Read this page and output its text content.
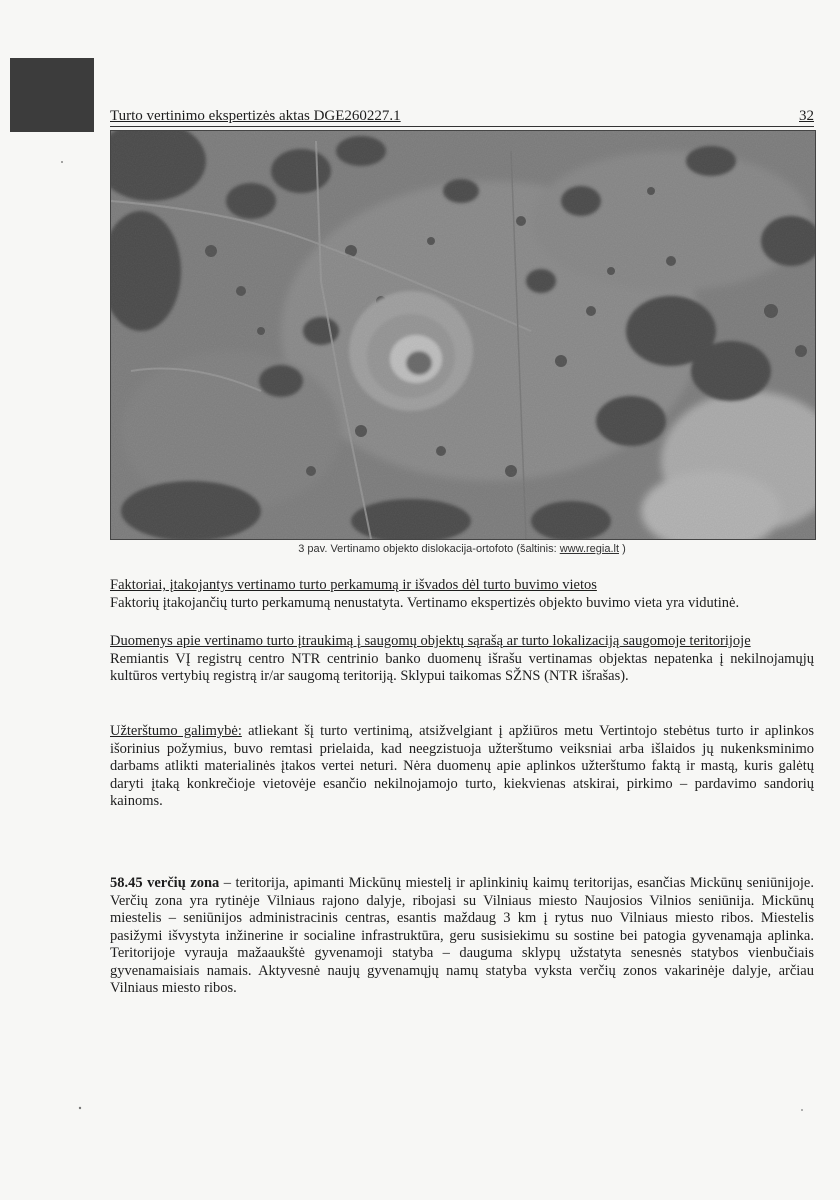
Turto vertinimo ekspertizės aktas DGE260227.1	32
3 pav. Vertinamo objekto dislokacija-ortofoto (šaltinis: www.regia.lt )
Faktoriai, įtakojantys vertinamo turto perkamumą ir išvados dėl turto buvimo vietos
Faktorių įtakojančių turto perkamumą nenustatyta. Vertinamo ekspertizės objekto buvimo vieta yra vidutinė.
Duomenys apie vertinamo turto įtraukimą į saugomų objektų sąrašą ar turto lokalizaciją saugomoje teritorijoje
Remiantis VĮ registrų centro NTR centrinio banko duomenų išrašu vertinamas objektas nepatenka į nekilnojamųjų kultūros vertybių registrą ir/ar saugomą teritoriją. Sklypui taikomas SŽNS (NTR išrašas).
Užterštumo galimybė: atliekant šį turto vertinimą, atsižvelgiant į apžiūros metu Vertintojo stebėtus turto ir aplinkos išorinius požymius, buvo remtasi prielaida, kad neegzistuoja užterštumo veiksniai arba išlaidos jų nukenksminimo darbams atlikti materialinės įtakos vertei neturi. Nėra duomenų apie aplinkos užterštumo faktą ir mastą, kuris galėtų daryti įtaką konkrečioje vietovėje esančio nekilnojamojo turto, kiekvienas atskirai, pirkimo – pardavimo sandorių kainoms.
58.45 verčių zona – teritorija, apimanti Mickūnų miestelį ir aplinkinių kaimų teritorijas, esančias Mickūnų seniūnijoje. Verčių zona yra rytinėje Vilniaus rajono dalyje, ribojasi su Vilniaus miesto Naujosios Vilnios seniūnija. Mickūnų miestelis – seniūnijos administracinis centras, esantis maždaug 3 km į rytus nuo Vilniaus miesto ribos. Miestelis pasižymi išvystyta inžinerine ir socialine infrastruktūra, geru susisiekimu su sostine bei patogia gyvenamąja aplinka. Teritorijoje vyrauja mažaaukštė gyvenamoji statyba – dauguma sklypų užstatyta senesnės statybos vienbučiais gyvenamaisiais namais. Aktyvesnė naujų gyvenamųjų namų statyba vyksta verčių zonos vakarinėje dalyje, arčiau Vilniaus miesto ribos.
